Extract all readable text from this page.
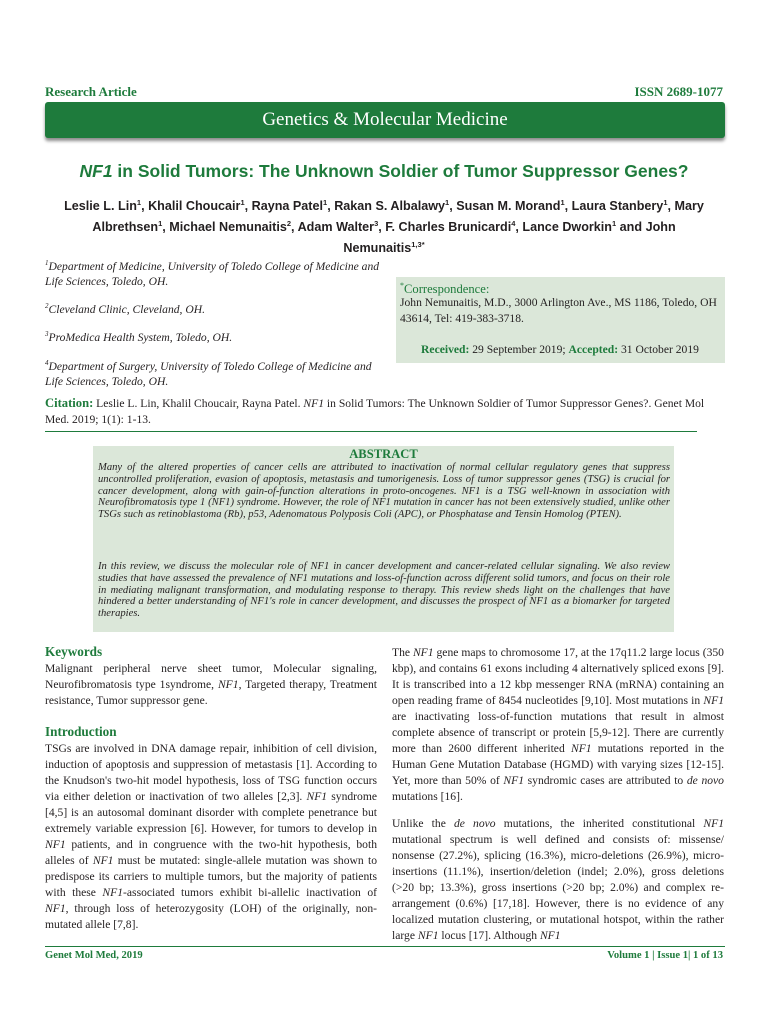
Research Article	ISSN 2689-1077
Genetics & Molecular Medicine
NF1 in Solid Tumors: The Unknown Soldier of Tumor Suppressor Genes?
Leslie L. Lin$^1$, Khalil Choucair$^1$, Rayna Patel$^1$, Rakan S. Albalawy$^1$, Susan M. Morand$^1$, Laura Stanbery$^1$, Mary Albrethsen$^1$, Michael Nemunaitis$^2$, Adam Walter$^3$, F. Charles Brunicardi$^4$, Lance Dworkin$^1$ and John Nemunaitis$^{1,3*}$
$^1$Department of Medicine, University of Toledo College of Medicine and Life Sciences, Toledo, OH.
$^2$Cleveland Clinic, Cleveland, OH.
$^3$ProMedica Health System, Toledo, OH.
$^4$Department of Surgery, University of Toledo College of Medicine and Life Sciences, Toledo, OH.
*Correspondence:
John Nemunaitis, M.D., 3000 Arlington Ave., MS 1186, Toledo, OH 43614, Tel: 419-383-3718.
Received: 29 September 2019; Accepted: 31 October 2019
Citation: Leslie L. Lin, Khalil Choucair, Rayna Patel. NF1 in Solid Tumors: The Unknown Soldier of Tumor Suppressor Genes?. Genet Mol Med. 2019; 1(1): 1-13.
ABSTRACT
Many of the altered properties of cancer cells are attributed to inactivation of normal cellular regulatory genes that suppress uncontrolled proliferation, evasion of apoptosis, metastasis and tumorigenesis. Loss of tumor suppressor genes (TSG) is crucial for cancer development, along with gain-of-function alterations in proto-oncogenes. NF1 is a TSG well-known in association with Neurofibromatosis type 1 (NF1) syndrome. However, the role of NF1 mutation in cancer has not been extensively studied, unlike other TSGs such as retinoblastoma (Rb), p53, Adenomatous Polyposis Coli (APC), or Phosphatase and Tensin Homolog (PTEN).
In this review, we discuss the molecular role of NF1 in cancer development and cancer-related cellular signaling. We also review studies that have assessed the prevalence of NF1 mutations and loss-of-function across different solid tumors, and focus on their role in mediating malignant transformation, and modulating response to therapy. This review sheds light on the challenges that have hindered a better understanding of NF1's role in cancer development, and discusses the prospect of NF1 as a biomarker for targeted therapies.
Keywords
Malignant peripheral nerve sheet tumor, Molecular signaling, Neurofibromatosis type 1syndrome, NF1, Targeted therapy, Treatment resistance, Tumor suppressor gene.
Introduction
TSGs are involved in DNA damage repair, inhibition of cell division, induction of apoptosis and suppression of metastasis [1]. According to the Knudson's two-hit model hypothesis, loss of TSG function occurs via either deletion or inactivation of two alleles [2,3]. NF1 syndrome [4,5] is an autosomal dominant disorder with complete penetrance but extremely variable expression [6]. However, for tumors to develop in NF1 patients, and in congruence with the two-hit hypothesis, both alleles of NF1 must be mutated: single-allele mutation was shown to predispose its carriers to multiple tumors, but the majority of patients with these NF1-associated tumors exhibit bi-allelic inactivation of NF1, through loss of heterozygosity (LOH) of the originally, non-mutated allele [7,8].
The NF1 gene maps to chromosome 17, at the 17q11.2 large locus (350 kbp), and contains 61 exons including 4 alternatively spliced exons [9]. It is transcribed into a 12 kbp messenger RNA (mRNA) containing an open reading frame of 8454 nucleotides [9,10]. Most mutations in NF1 are inactivating loss-of-function mutations that result in almost complete absence of transcript or protein [5,9-12]. There are currently more than 2600 different inherited NF1 mutations reported in the Human Gene Mutation Database (HGMD) with varying sizes [12-15]. Yet, more than 50% of NF1 syndromic cases are attributed to de novo mutations [16].
Unlike the de novo mutations, the inherited constitutional NF1 mutational spectrum is well defined and consists of: missense/ nonsense (27.2%), splicing (16.3%), micro-deletions (26.9%), micro-insertions (11.1%), insertion/deletion (indel; 2.0%), gross deletions (>20 bp; 13.3%), gross insertions (>20 bp; 2.0%) and complex re-arrangement (0.6%) [17,18]. However, there is no evidence of any localized mutation clustering, or mutational hotspot, within the rather large NF1 locus [17]. Although NF1
Genet Mol Med, 2019	Volume 1 | Issue 1| 1 of 13
